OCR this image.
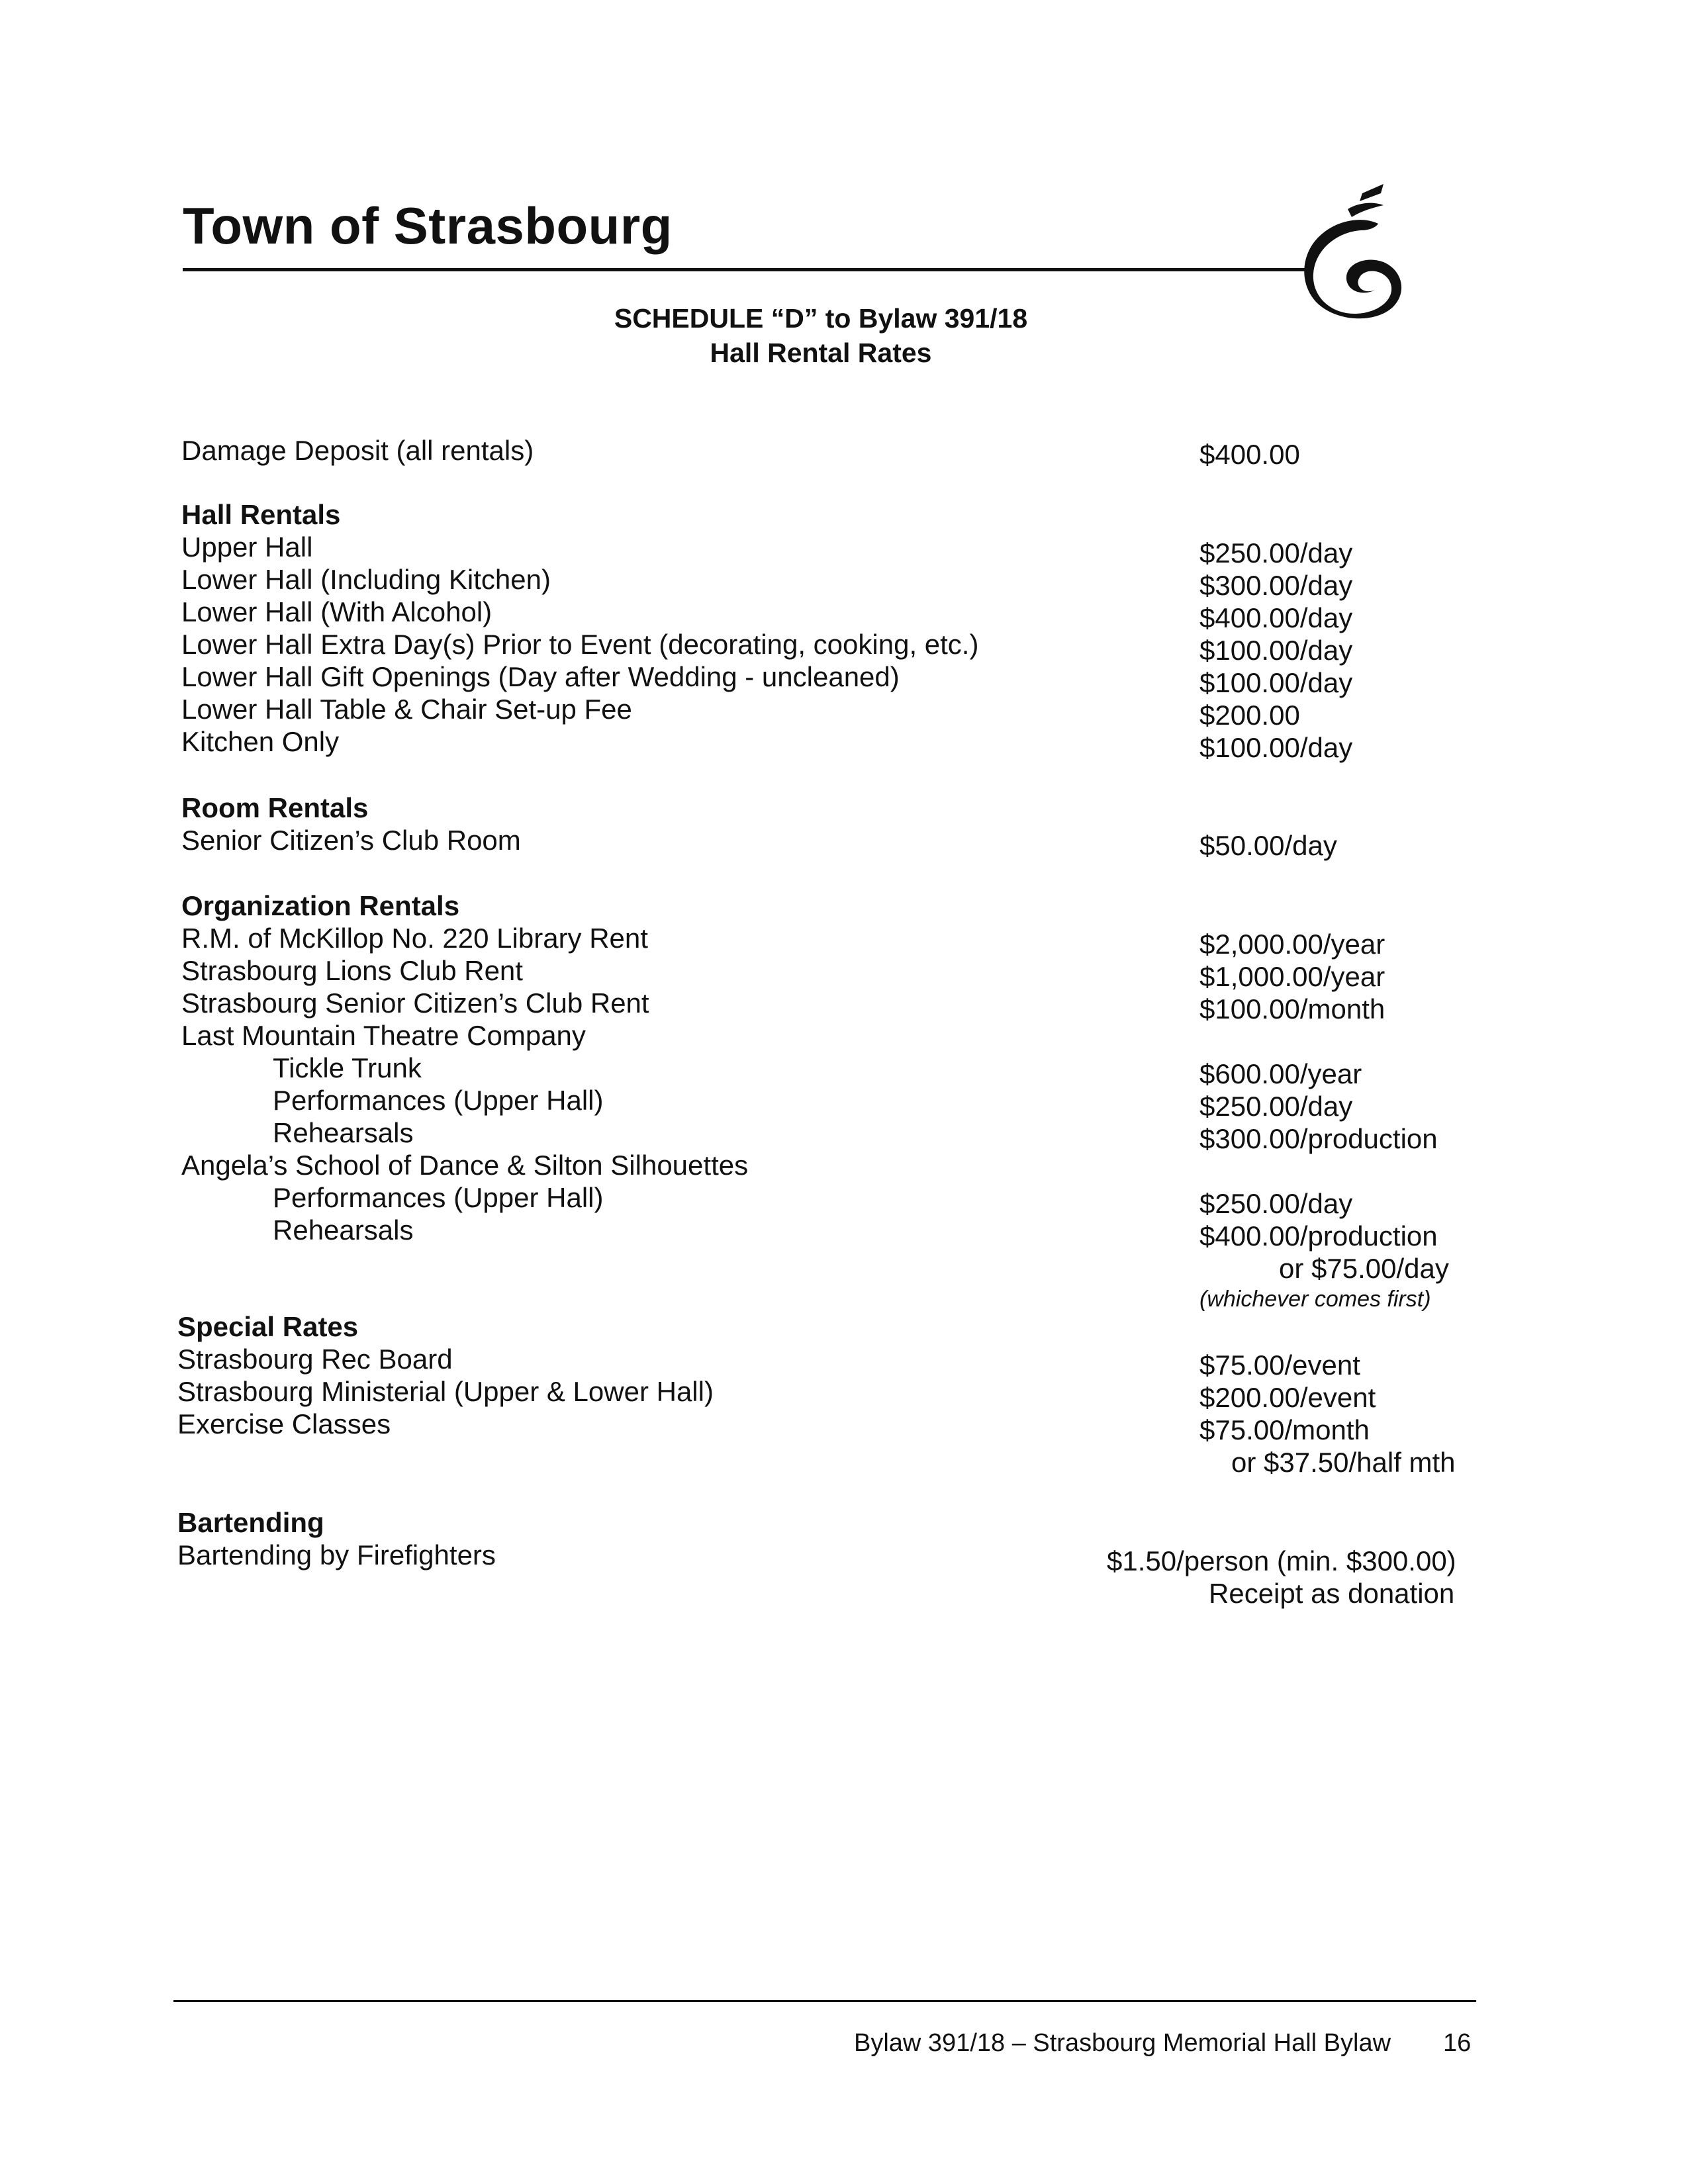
Town of Strasbourg
SCHEDULE “D” to Bylaw 391/18
Hall Rental Rates
Damage Deposit (all rentals)	$400.00
Hall Rentals
Upper Hall	$250.00/day
Lower Hall (Including Kitchen)	$300.00/day
Lower Hall (With Alcohol)	$400.00/day
Lower Hall Extra Day(s) Prior to Event (decorating, cooking, etc.)	$100.00/day
Lower Hall Gift Openings (Day after Wedding - uncleaned)	$100.00/day
Lower Hall Table & Chair Set-up Fee	$200.00
Kitchen Only	$100.00/day
Room Rentals
Senior Citizen’s Club Room	$50.00/day
Organization Rentals
R.M. of McKillop No. 220 Library Rent	$2,000.00/year
Strasbourg Lions Club Rent	$1,000.00/year
Strasbourg Senior Citizen’s Club Rent	$100.00/month
Last Mountain Theatre Company
Tickle Trunk	$600.00/year
Performances (Upper Hall)	$250.00/day
Rehearsals	$300.00/production
Angela’s School of Dance & Silton Silhouettes
Performances (Upper Hall)	$250.00/day
Rehearsals	$400.00/production
or $75.00/day
(whichever comes first)
Special Rates
Strasbourg Rec Board	$75.00/event
Strasbourg Ministerial (Upper & Lower Hall)	$200.00/event
Exercise Classes	$75.00/month
or $37.50/half mth
Bartending
Bartending by Firefighters	$1.50/person (min. $300.00)
Receipt as donation
Bylaw 391/18 – Strasbourg Memorial Hall Bylaw 16
